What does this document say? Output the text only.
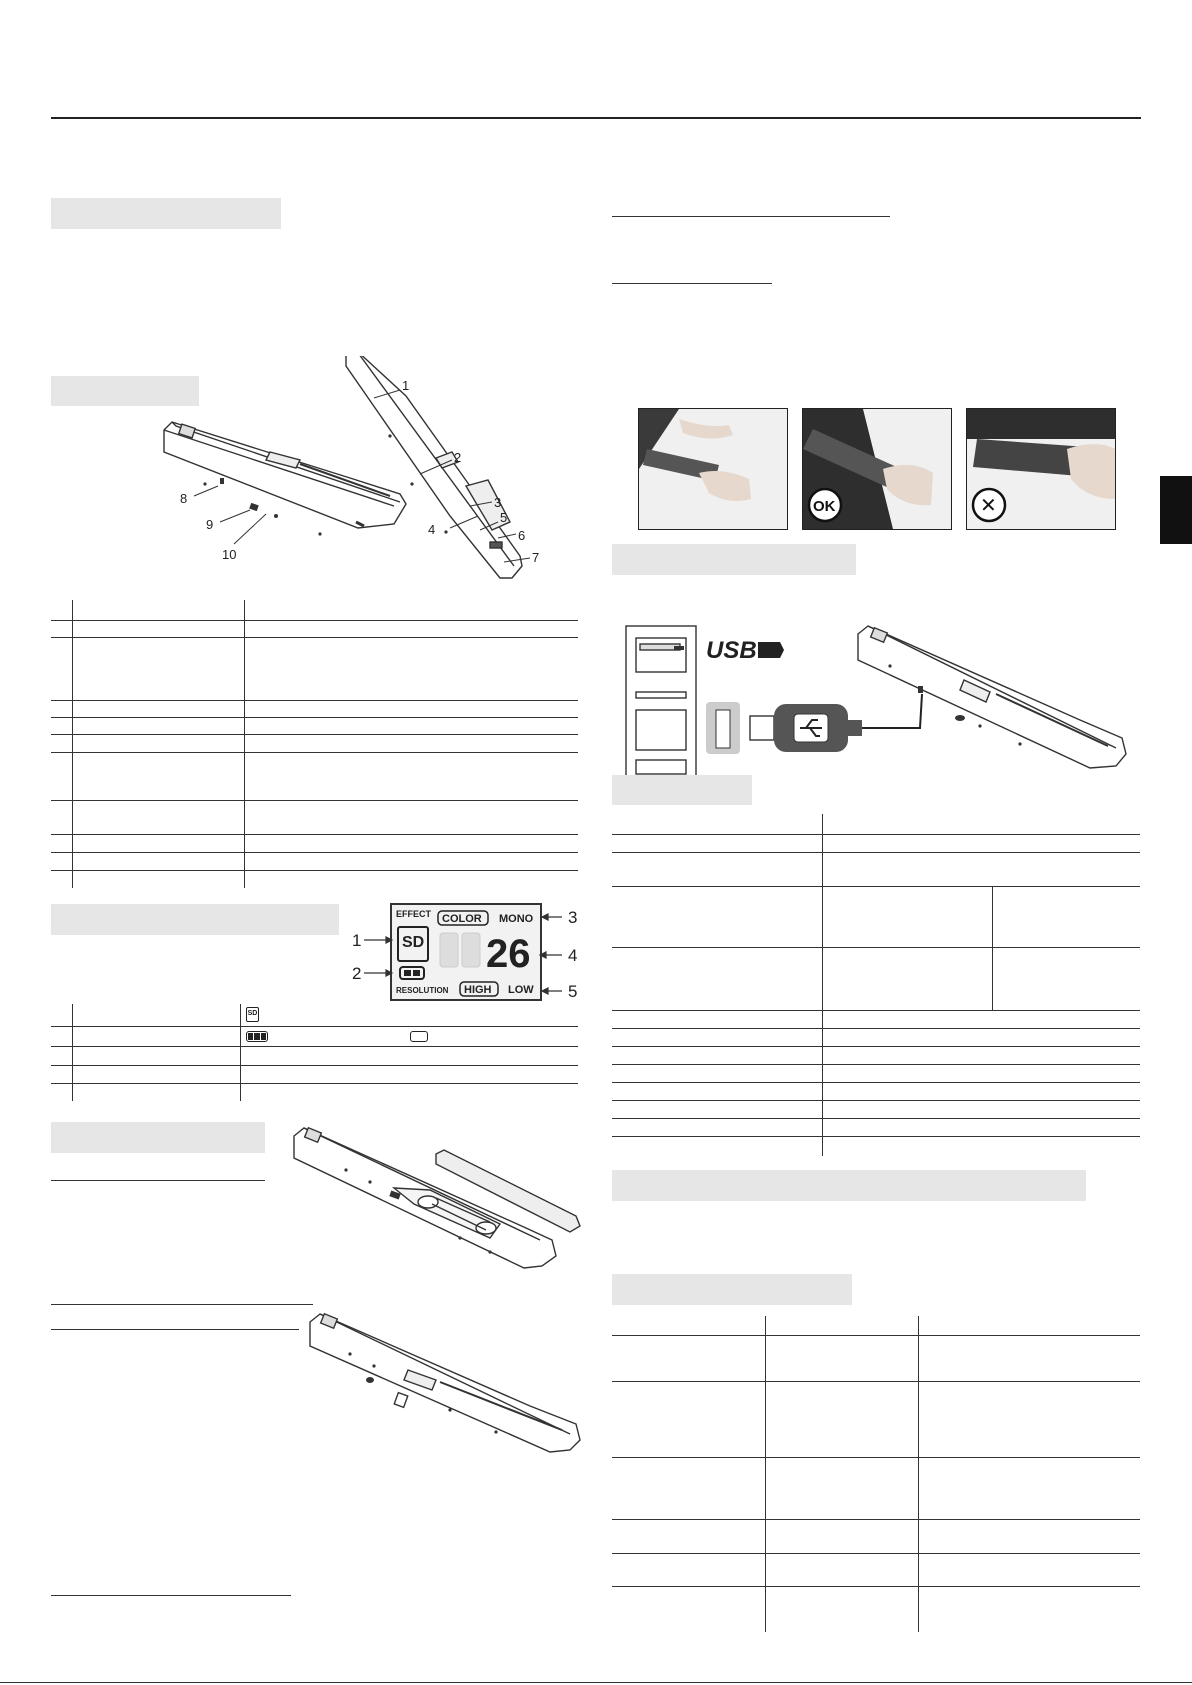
1
2
3
4
5
6
7
8
9
10
EFFECT COLOR MONO
SD 26
RESOLUTION HIGH LOW
3
4
5
1
2
SD
OK	✕
USB
